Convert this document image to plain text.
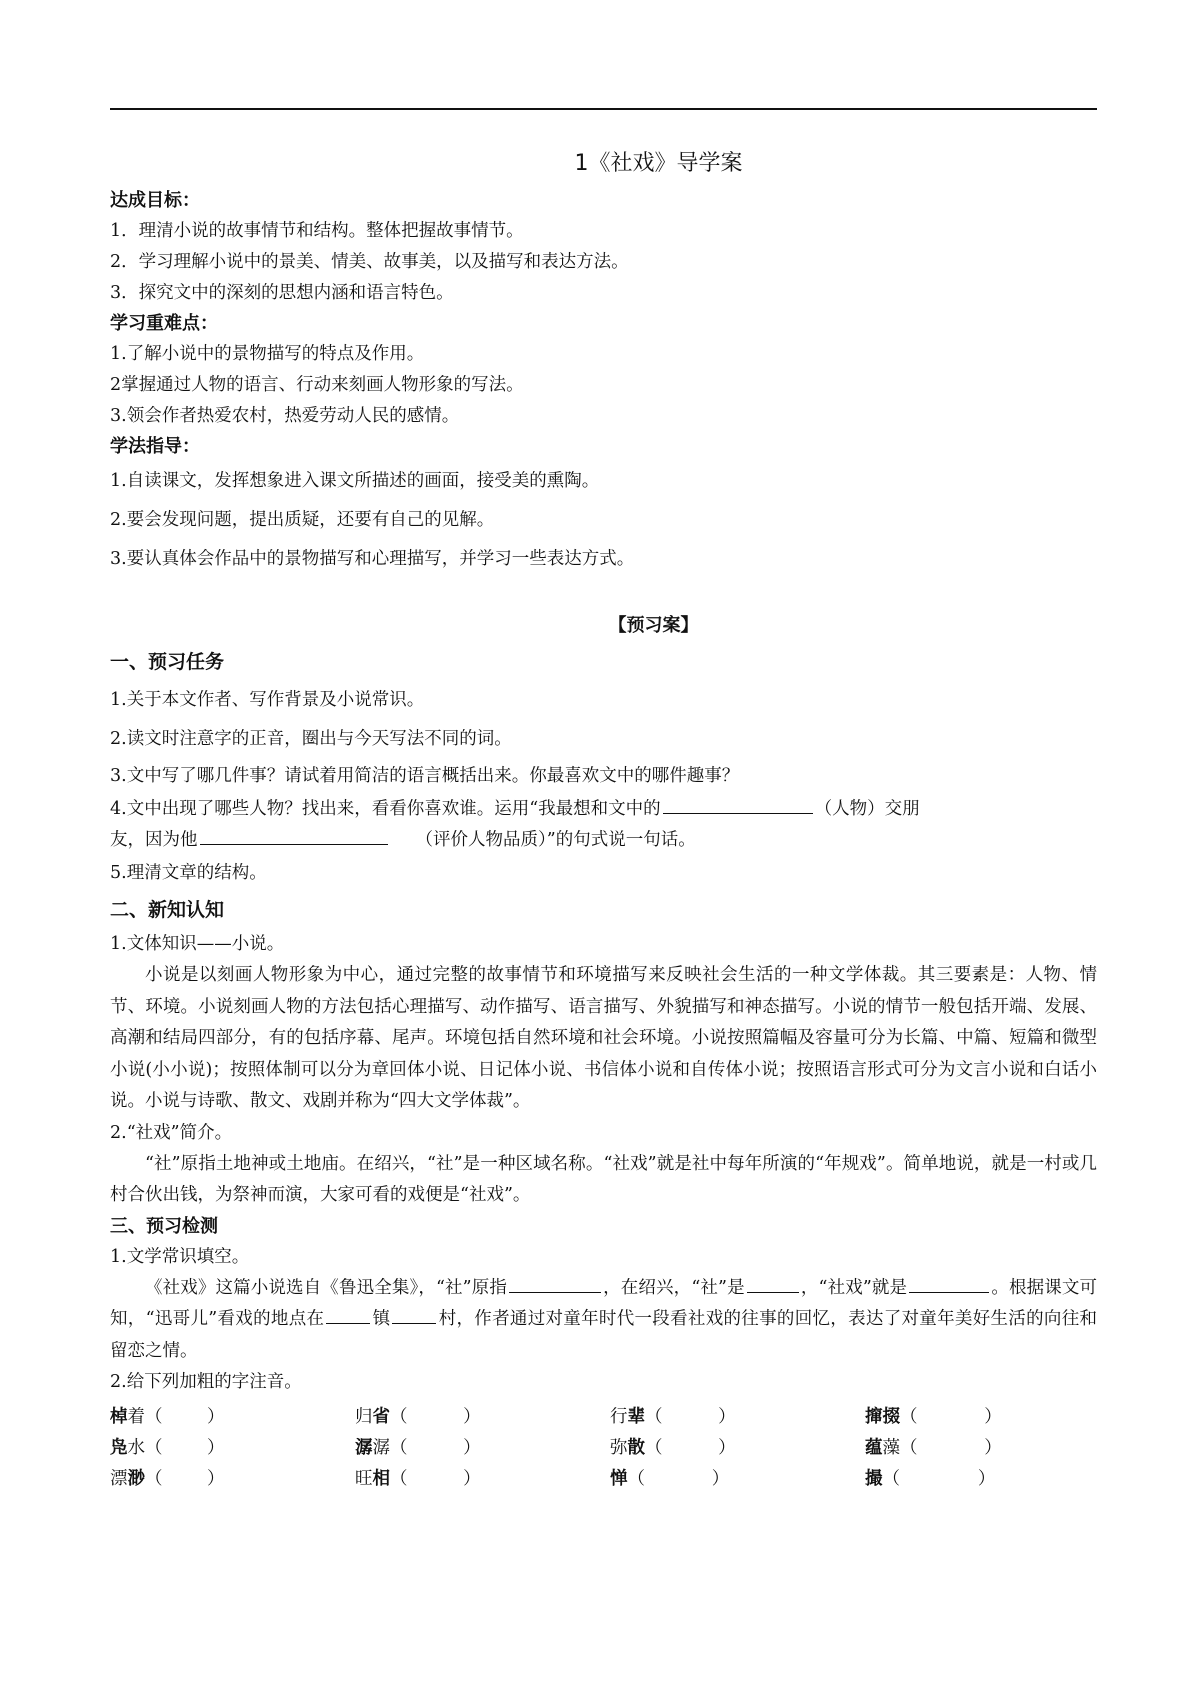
1《社戏》导学案
达成目标：
1．理清小说的故事情节和结构。整体把握故事情节。
2．学习理解小说中的景美、情美、故事美，以及描写和表达方法。
3．探究文中的深刻的思想内涵和语言特色。
学习重难点：
1.了解小说中的景物描写的特点及作用。
2掌握通过人物的语言、行动来刻画人物形象的写法。
3.领会作者热爱农村，热爱劳动人民的感情。
学法指导：
1.自读课文，发挥想象进入课文所描述的画面，接受美的熏陶。
2.要会发现问题，提出质疑，还要有自己的见解。
3.要认真体会作品中的景物描写和心理描写，并学习一些表达方式。
【预习案】
一、预习任务
1.关于本文作者、写作背景及小说常识。
2.读文时注意字的正音，圈出与今天写法不同的词。
3.文中写了哪几件事？请试着用简洁的语言概括出来。你最喜欢文中的哪件趣事？
4.文中出现了哪些人物？找出来，看看你喜欢谁。运用“我最想和文中的	（人物）交朋
友，因为他	（评价人物品质）”的句式说一句话。
5.理清文章的结构。
二、新知认知
1.文体知识——小说。
小说是以刻画人物形象为中心，通过完整的故事情节和环境描写来反映社会生活的一种文学体裁。其三要素是：人物、情节、环境。小说刻画人物的方法包括心理描写、动作描写、语言描写、外貌描写和神态描写。小说的情节一般包括开端、发展、高潮和结局四部分，有的包括序幕、尾声。环境包括自然环境和社会环境。小说按照篇幅及容量可分为长篇、中篇、短篇和微型小说(小小说)；按照体制可以分为章回体小说、日记体小说、书信体小说和自传体小说；按照语言形式可分为文言小说和白话小说。小说与诗歌、散文、戏剧并称为“四大文学体裁”。
2.“社戏”简介。
“社”原指土地神或土地庙。在绍兴，“社”是一种区域名称。“社戏”就是社中每年所演的“年规戏”。简单地说，就是一村或几村合伙出钱，为祭神而演，大家可看的戏便是“社戏”。
三、预习检测
1.文学常识填空。
《社戏》这篇小说选自《鲁迅全集》，“社”原指	，在绍兴，“社”是	，“社戏”就是	。根据课文可知，“迅哥儿”看戏的地点在	镇	村，作者通过对童年时代一段看社戏的往事的回忆，表达了对童年美好生活的向往和留恋之情。
2.给下列加粗的字注音。
棹着（        ）	归省（          ）	行辈（          ）	撺掇（            ）
凫水（        ）	潺潺（          ）	弥散（          ）	蕴藻（            ）
漂渺（        ）	旺相（          ）	惮（            ）	撮（              ）
